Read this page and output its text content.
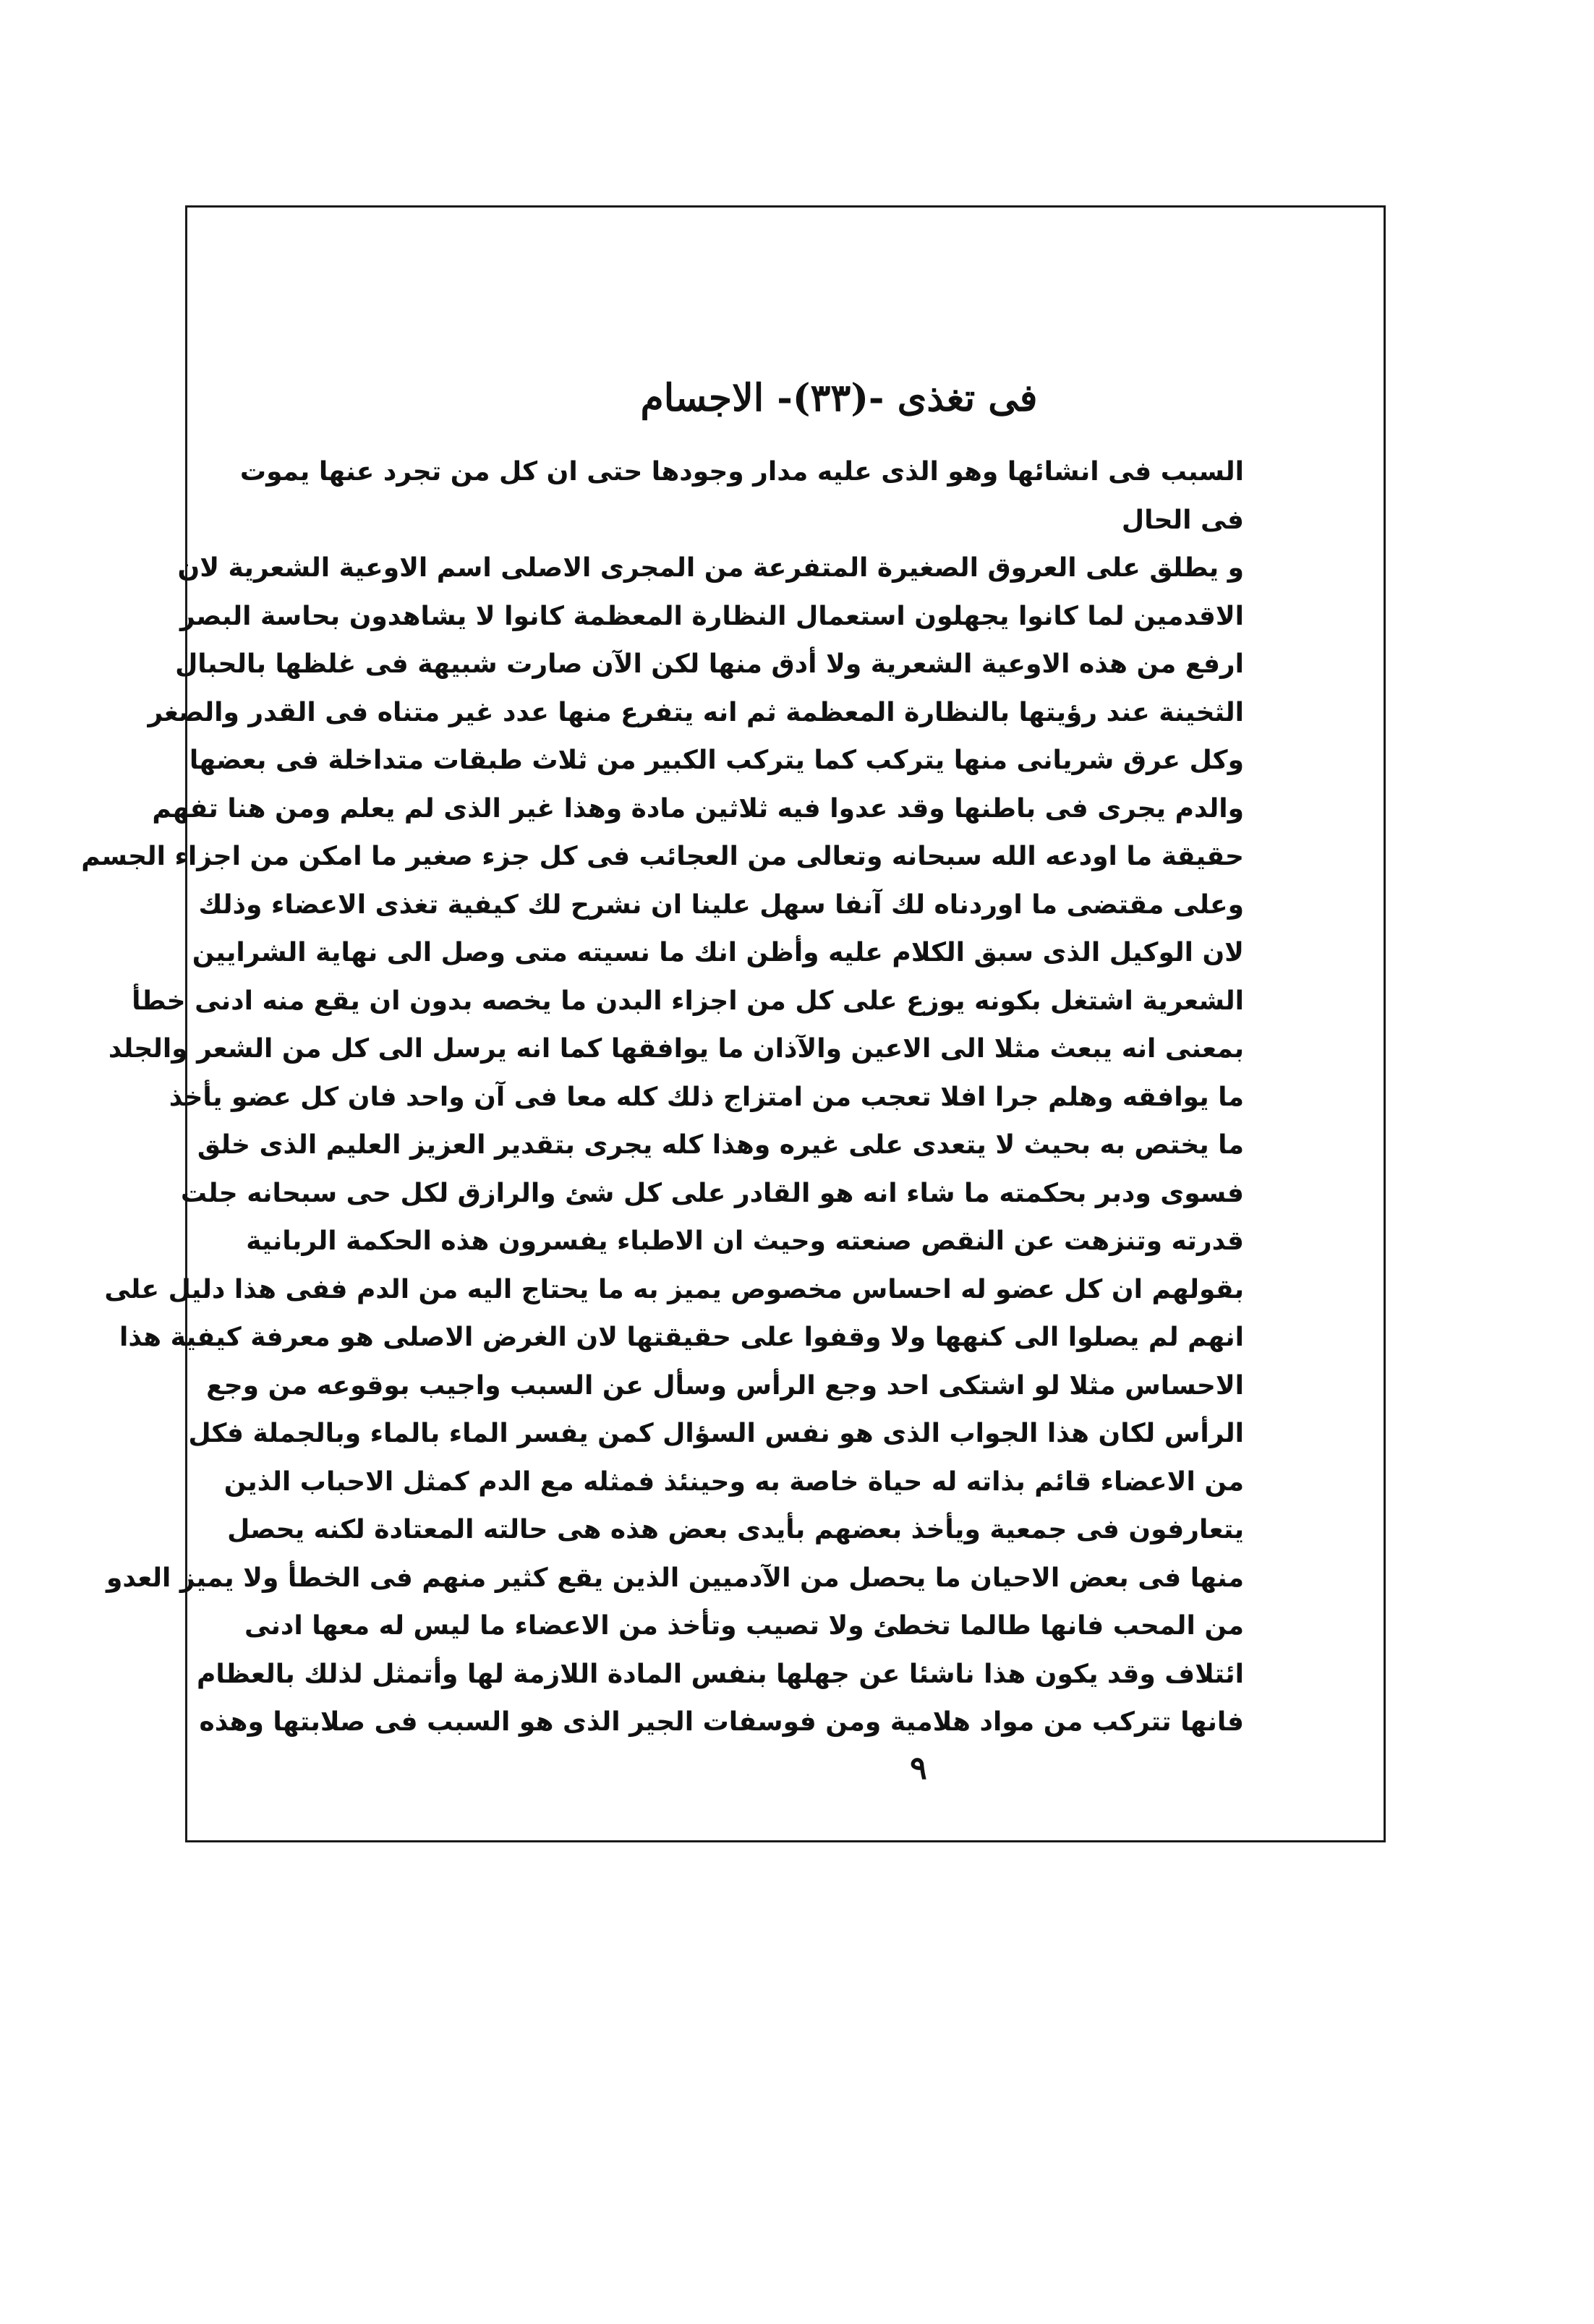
فى تغذى -(٣٣)- الاجسام
السبب فى انشائها وهو الذى عليه مدار وجودها حتى ان كل من تجرد عنها يموت
فى الحال
و يطلق على العروق الصغيرة المتفرعة من المجرى الاصلى اسم الاوعية الشعرية لان
الاقدمين لما كانوا يجهلون استعمال النظارة المعظمة كانوا لا يشاهدون بحاسة البصر
ارفع من هذه الاوعية الشعرية ولا أدق منها لكن الآن صارت شبيهة فى غلظها بالحبال
الثخينة عند رؤيتها بالنظارة المعظمة ثم انه يتفرع منها عدد غير متناه فى القدر والصغر
وكل عرق شريانى منها يتركب كما يتركب الكبير من ثلاث طبقات متداخلة فى بعضها
والدم يجرى فى باطنها وقد عدوا فيه ثلاثين مادة وهذا غير الذى لم يعلم ومن هنا تفهم
حقيقة ما اودعه الله سبحانه وتعالى من العجائب فى كل جزء صغير ما امكن من اجزاء الجسم
وعلى مقتضى ما اوردناه لك آنفا سهل علينا ان نشرح لك كيفية تغذى الاعضاء وذلك
لان الوكيل الذى سبق الكلام عليه وأظن انك ما نسيته متى وصل الى نهاية الشرايين
الشعرية اشتغل بكونه يوزع على كل من اجزاء البدن ما يخصه بدون ان يقع منه ادنى خطأ
بمعنى انه يبعث مثلا الى الاعين والآذان ما يوافقها كما انه يرسل الى كل من الشعر والجلد
ما يوافقه وهلم جرا افلا تعجب من امتزاج ذلك كله معا فى آن واحد فان كل عضو يأخذ
ما يختص به بحيث لا يتعدى على غيره وهذا كله يجرى بتقدير العزيز العليم الذى خلق
فسوى ودبر بحكمته ما شاء انه هو القادر على كل شئ والرازق لكل حى سبحانه جلت
قدرته وتنزهت عن النقص صنعته وحيث ان الاطباء يفسرون هذه الحكمة الربانية
بقولهم ان كل عضو له احساس مخصوص يميز به ما يحتاج اليه من الدم ففى هذا دليل على
انهم لم يصلوا الى كنهها ولا وقفوا على حقيقتها لان الغرض الاصلى هو معرفة كيفية هذا
الاحساس مثلا لو اشتكى احد وجع الرأس وسأل عن السبب واجيب بوقوعه من وجع
الرأس لكان هذا الجواب الذى هو نفس السؤال كمن يفسر الماء بالماء وبالجملة فكل
من الاعضاء قائم بذاته له حياة خاصة به وحينئذ فمثله مع الدم كمثل الاحباب الذين
يتعارفون فى جمعية ويأخذ بعضهم بأيدى بعض هذه هى حالته المعتادة لكنه يحصل
منها فى بعض الاحيان ما يحصل من الآدميين الذين يقع كثير منهم فى الخطأ ولا يميز العدو
من المحب فانها طالما تخطئ ولا تصيب وتأخذ من الاعضاء ما ليس له معها ادنى
ائتلاف وقد يكون هذا ناشئا عن جهلها بنفس المادة اللازمة لها وأتمثل لذلك بالعظام
فانها تتركب من مواد هلامية ومن فوسفات الجير الذى هو السبب فى صلابتها وهذه
٩
